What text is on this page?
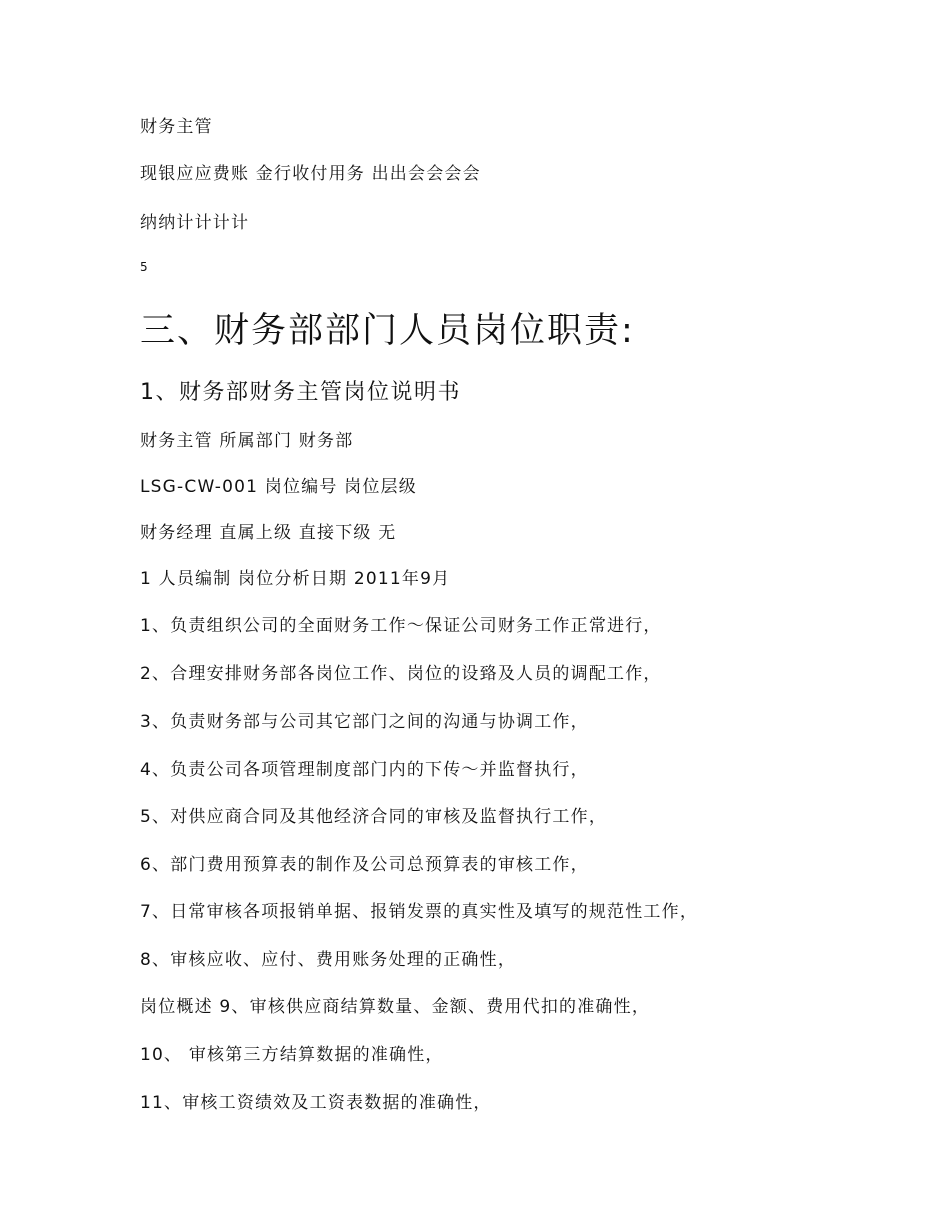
财务主管
现银应应费账 金行收付用务 出出会会会会
纳纳计计计计
5
三、财务部部门人员岗位职责:
1、财务部财务主管岗位说明书
财务主管 所属部门 财务部
LSG-CW-001 岗位编号 岗位层级
财务经理 直属上级 直接下级 无
1 人员编制 岗位分析日期 2011年9月
1、负责组织公司的全面财务工作～保证公司财务工作正常进行，
2、合理安排财务部各岗位工作、岗位的设臵及人员的调配工作，
3、负责财务部与公司其它部门之间的沟通与协调工作，
4、负责公司各项管理制度部门内的下传～并监督执行，
5、对供应商合同及其他经济合同的审核及监督执行工作，
6、部门费用预算表的制作及公司总预算表的审核工作，
7、日常审核各项报销单据、报销发票的真实性及填写的规范性工作，
8、审核应收、应付、费用账务处理的正确性，
岗位概述 9、审核供应商结算数量、金额、费用代扣的准确性，
10、 审核第三方结算数据的准确性，
11、审核工资绩效及工资表数据的准确性，
